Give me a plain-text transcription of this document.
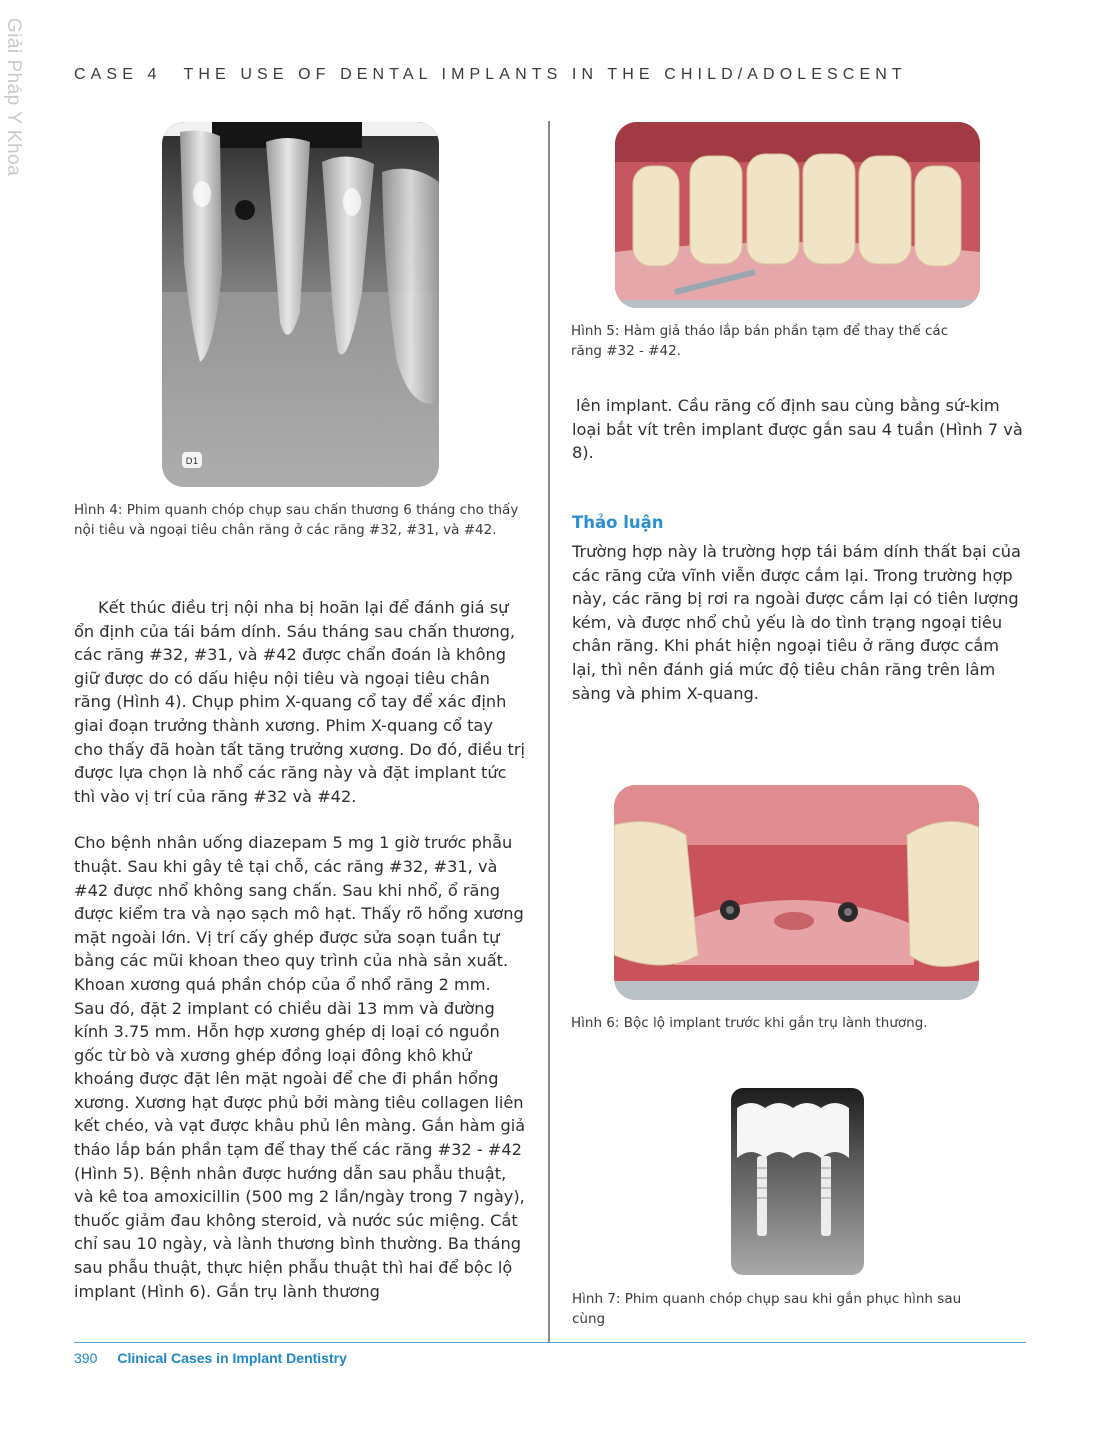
Giải Pháp Y Khoa	CASE 4 THE USE OF DENTAL IMPLANTS IN THE CHILD/ADOLESCENT
D1
Hình 4: Phim quanh chóp chụp sau chấn thương 6 tháng cho thấy nội tiêu và ngoại tiêu chân răng ở các răng #32, #31, và #42.
Hình 5: Hàm giả tháo lắp bán phần tạm để thay thế các răng #32 - #42.

lên implant. Cầu răng cố định sau cùng bằng sứ-kim loại bắt vít trên implant được gắn sau 4 tuần (Hình 7 và 8).

Thảo luận

Trường hợp này là trường hợp tái bám dính thất bại của các răng cửa vĩnh viễn được cắm lại. Trong trường hợp này, các răng bị rơi ra ngoài được cắm lại có tiên lượng kém, và được nhổ chủ yếu là do tình trạng ngoại tiêu chân răng. Khi phát hiện ngoại tiêu ở răng được cắm lại, thì nên đánh giá mức độ tiêu chân răng trên lâm sàng và phim X-quang.

Hình 6: Bộc lộ implant trước khi gắn trụ lành thương.
Hình 7: Phim quanh chóp chụp sau khi gắn phục hình sau cùng

Kết thúc điều trị nội nha bị hoãn lại để đánh giá sự ổn định của tái bám dính. Sáu tháng sau chấn thương, các răng #32, #31, và #42 được chẩn đoán là không giữ được do có dấu hiệu nội tiêu và ngoại tiêu chân răng (Hình 4). Chụp phim X-quang cổ tay để xác định giai đoạn trưởng thành xương. Phim X-quang cổ tay cho thấy đã hoàn tất tăng trưởng xương. Do đó, điều trị được lựa chọn là nhổ các răng này và đặt implant tức thì vào vị trí của răng #32 và #42.

Cho bệnh nhân uống diazepam 5 mg 1 giờ trước phẫu thuật. Sau khi gây tê tại chỗ, các răng #32, #31, và #42 được nhổ không sang chấn. Sau khi nhổ, ổ răng được kiểm tra và nạo sạch mô hạt. Thấy rõ hổng xương mặt ngoài lớn. Vị trí cấy ghép được sửa soạn tuần tự bằng các mũi khoan theo quy trình của nhà sản xuất. Khoan xương quá phần chóp của ổ nhổ răng 2 mm. Sau đó, đặt 2 implant có chiều dài 13 mm và đường kính 3.75 mm. Hỗn hợp xương ghép dị loại có nguồn gốc từ bò và xương ghép đồng loại đông khô khử khoáng được đặt lên mặt ngoài để che đi phần hổng xương. Xương hạt được phủ bởi màng tiêu collagen liên kết chéo, và vạt được khâu phủ lên màng. Gắn hàm giả tháo lắp bán phần tạm để thay thế các răng #32 - #42 (Hình 5). Bệnh nhân được hướng dẫn sau phẫu thuật, và kê toa amoxicillin (500 mg 2 lần/ngày trong 7 ngày), thuốc giảm đau không steroid, và nước súc miệng. Cắt chỉ sau 10 ngày, và lành thương bình thường. Ba tháng sau phẫu thuật, thực hiện phẫu thuật thì hai để bộc lộ implant (Hình 6). Gắn trụ lành thương

390 Clinical Cases in Implant Dentistry
